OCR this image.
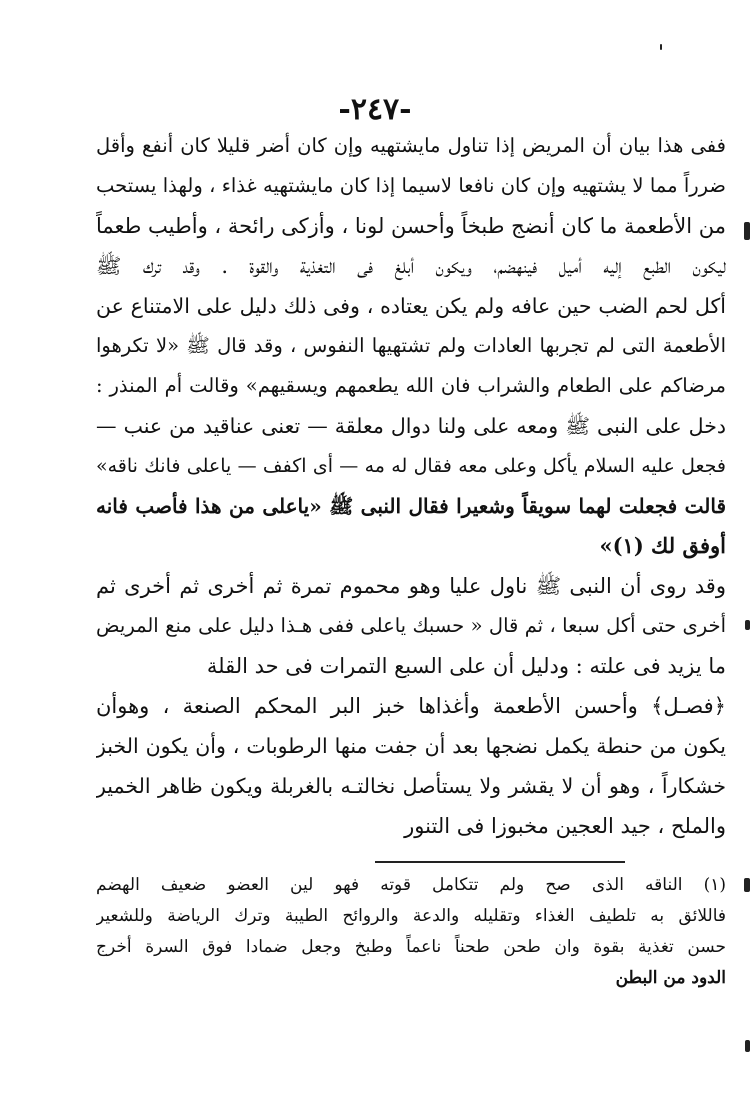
-٢٤٧-
ففى هذا بيان أن المريض إذا تناول مايشتهيه وإن كان أضر قليلا كان أنفع وأقل
ضرراً مما لا يشتهيه وإن كان نافعا لاسيما إذا كان مايشتهيه غذاء ، ولهذا يستحب
من الأطعمة ما كان أنضج طبخاً وأحسن لونا ، وأزكى رائحة ، وأطيب طعماً
ليكون الطبع إليه أميل فينهضم، ويكون أبلغ فى التغذية والقوة . وقد ترك ﷺ
أكل لحم الضب حين عافه ولم يكن يعتاده ، وفى ذلك دليل على الامتناع عن
الأطعمة التى لم تجربها العادات ولم تشتهيها النفوس ، وقد قال ﷺ «لا تكرهوا
مرضاكم على الطعام والشراب فان الله يطعمهم ويسقيهم» وقالت أم المنذر :
دخل على النبى ﷺ ومعه على ولنا دوال معلقة — تعنى عناقيد من عنب —
فجعل عليه السلام يأكل وعلى معه فقال له مه — أى اكفف — ياعلى فانك ناقه»
قالت فجعلت لهما سويقاً وشعيرا فقال النبى ﷺ «ياعلى من هذا فأصب فانه
أوفق لك (١)»
وقد روى أن النبى ﷺ ناول عليا وهو محموم تمرة ثم أخرى ثم أخرى ثم
أخرى حتى أكل سبعا ، ثم قال « حسبك ياعلى ففى هـذا دليل على منع المريض
ما يزيد فى علته : ودليل أن على السبع التمرات فى حد القلة
﴿فصـل﴾ وأحسن الأطعمة وأغذاها خبز البر المحكم الصنعة ، وهوأن
يكون من حنطة يكمل نضجها بعد أن جفت منها الرطوبات ، وأن يكون الخبز
خشكاراً ، وهو أن لا يقشر ولا يستأصل نخالتـه بالغربلة ويكون ظاهر الخمير
والملح ، جيد العجين مخبوزا فى التنور
(١) الناقه الذى صح ولم تتكامل قوته فهو لين العضو ضعيف الهضم
فاللائق به تلطيف الغذاء وتقليله والدعة والروائح الطيبة وترك الرياضة وللشعير
حسن تغذية بقوة وان طحن طحناً ناعماً وطبخ وجعل ضمادا فوق السرة أخرج
الدود من البطن
